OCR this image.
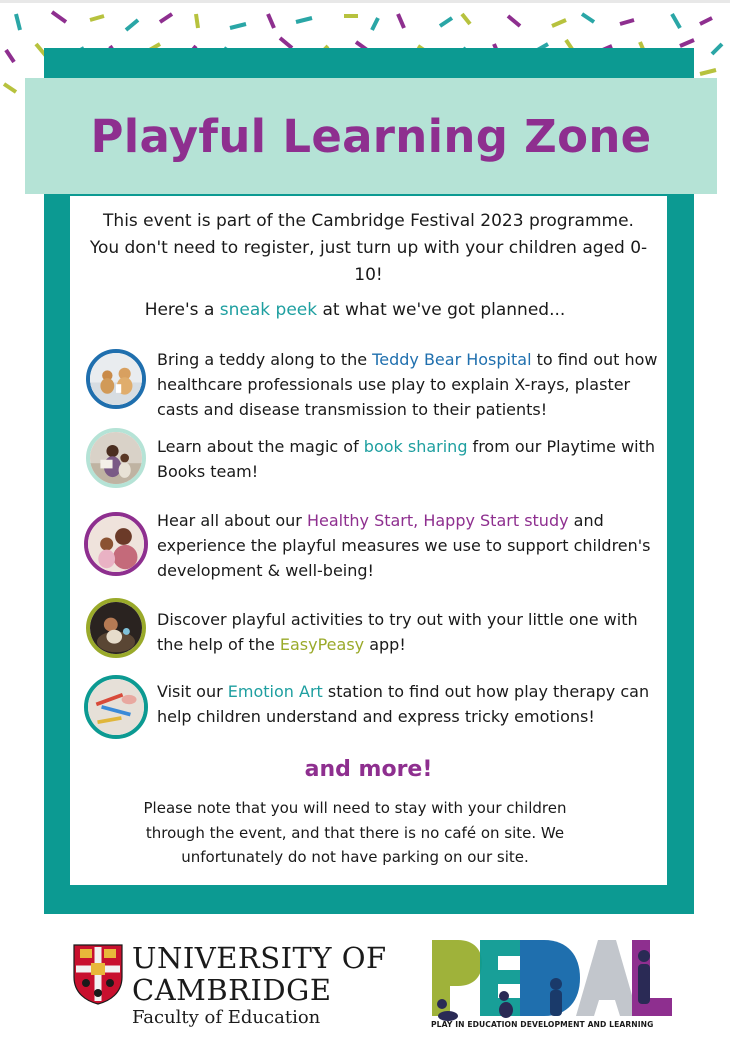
Playful Learning Zone

This event is part of the Cambridge Festival 2023 programme. You don't need to register, just turn up with your children aged 0-10!

Here's a sneak peek at what we've got planned...

Bring a teddy along to the Teddy Bear Hospital to find out how healthcare professionals use play to explain X-rays, plaster casts and disease transmission to their patients!

Learn about the magic of book sharing from our Playtime with Books team!

Hear all about our Healthy Start, Happy Start study and experience the playful measures we use to support children's development & well-being!

Discover playful activities to try out with your little one with the help of the EasyPeasy app!

Visit our Emotion Art station to find out how play therapy can help children understand and express tricky emotions!

and more!

Please note that you will need to stay with your children through the event, and that there is no café on site. We unfortunately do not have parking on our site.

UNIVERSITY OF
CAMBRIDGE
Faculty of Education	PLAY IN EDUCATION DEVELOPMENT AND LEARNING
